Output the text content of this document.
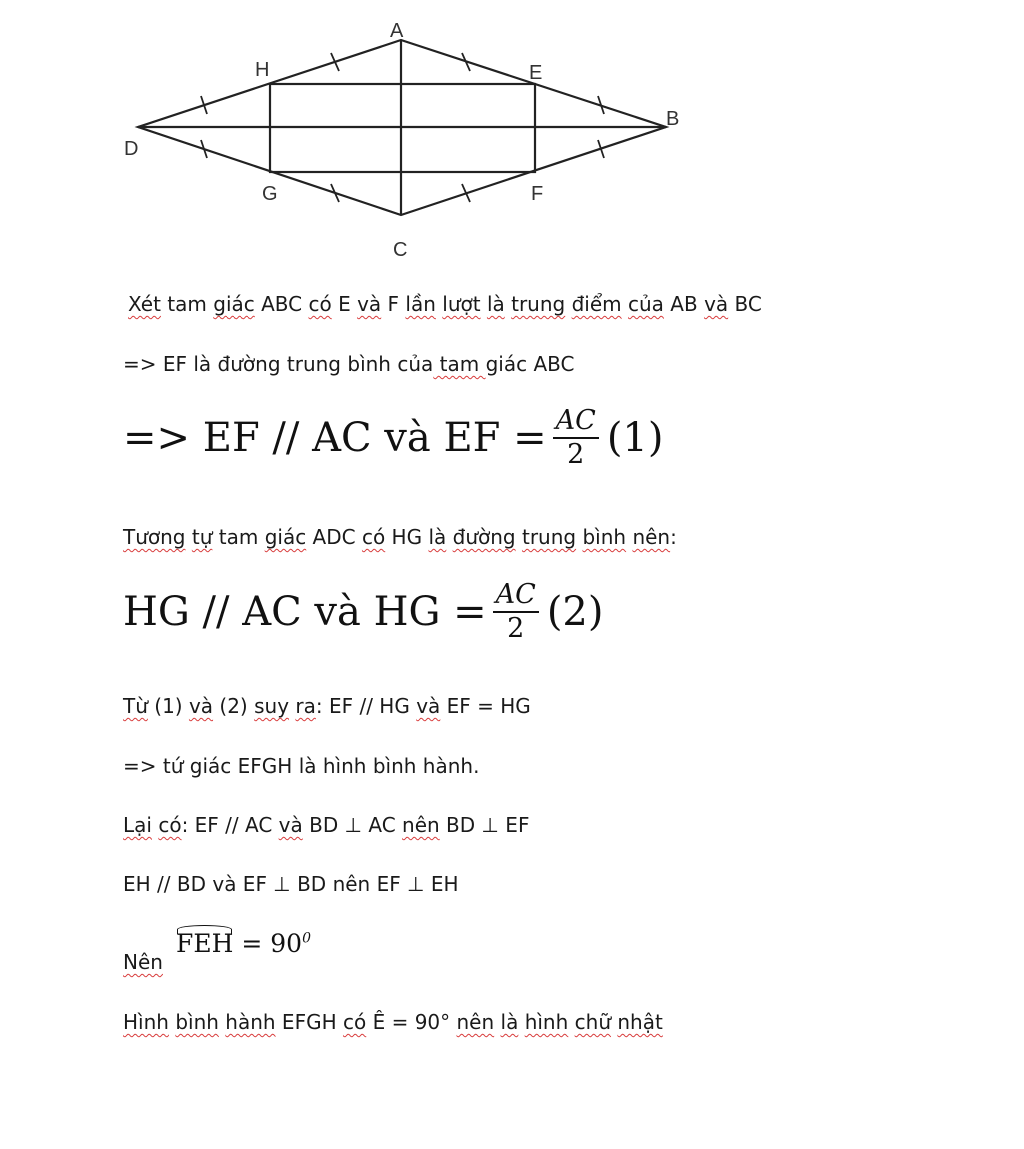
A
B
C
D
E
F
G
H

Xét tam giác ABC có E và F lần lượt là trung điểm của AB và BC

=> EF là đường trung bình của tam giác ABC

=> EF // AC và EF = $\frac{AC}{2} (1)$

Tương tự tam giác ADC có HG là đường trung bình nên:

HG // AC và HG = $\frac{AC}{2} (2)$

Từ (1) và (2) suy ra: EF // HG và EF = HG

=> tứ giác EFGH là hình bình hành.

Lại có: EF // AC và BD ⊥ AC nên BD ⊥ EF

EH // BD và EF ⊥ BD nên EF ⊥ EH

Nên

FEH = $90^0$

Hình bình hành EFGH có E = 90° nên là hình chữ nhật
